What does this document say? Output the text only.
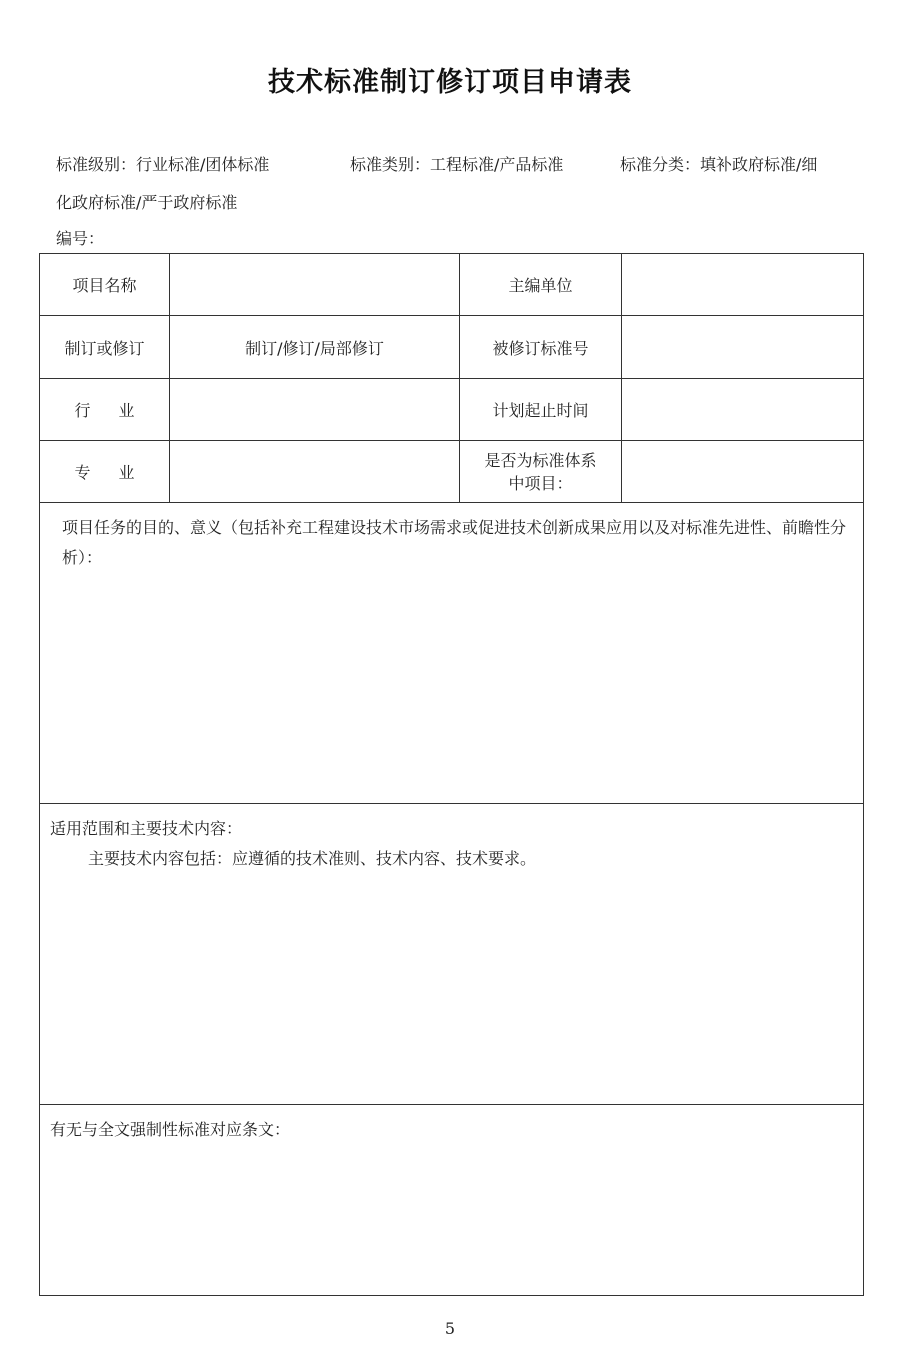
技术标准制订修订项目申请表
标准级别：行业标准/团体标准	标准类别：工程标准/产品标准	标准分类：填补政府标准/细
化政府标准/严于政府标准
编号：
项目名称		主编单位	
制订或修订	制订/修订/局部修订	被修订标准号	
行业		计划起止时间	
专业		是否为标准体系
中项目：	

项目任务的目的、意义（包括补充工程建设技术市场需求或促进技术创新成果应用以及对标准先进性、前瞻性分析）：			

适用范围和主要技术内容：
主要技术内容包括：应遵循的技术准则、技术内容、技术要求。			

有无与全文强制性标准对应条文：			
5
